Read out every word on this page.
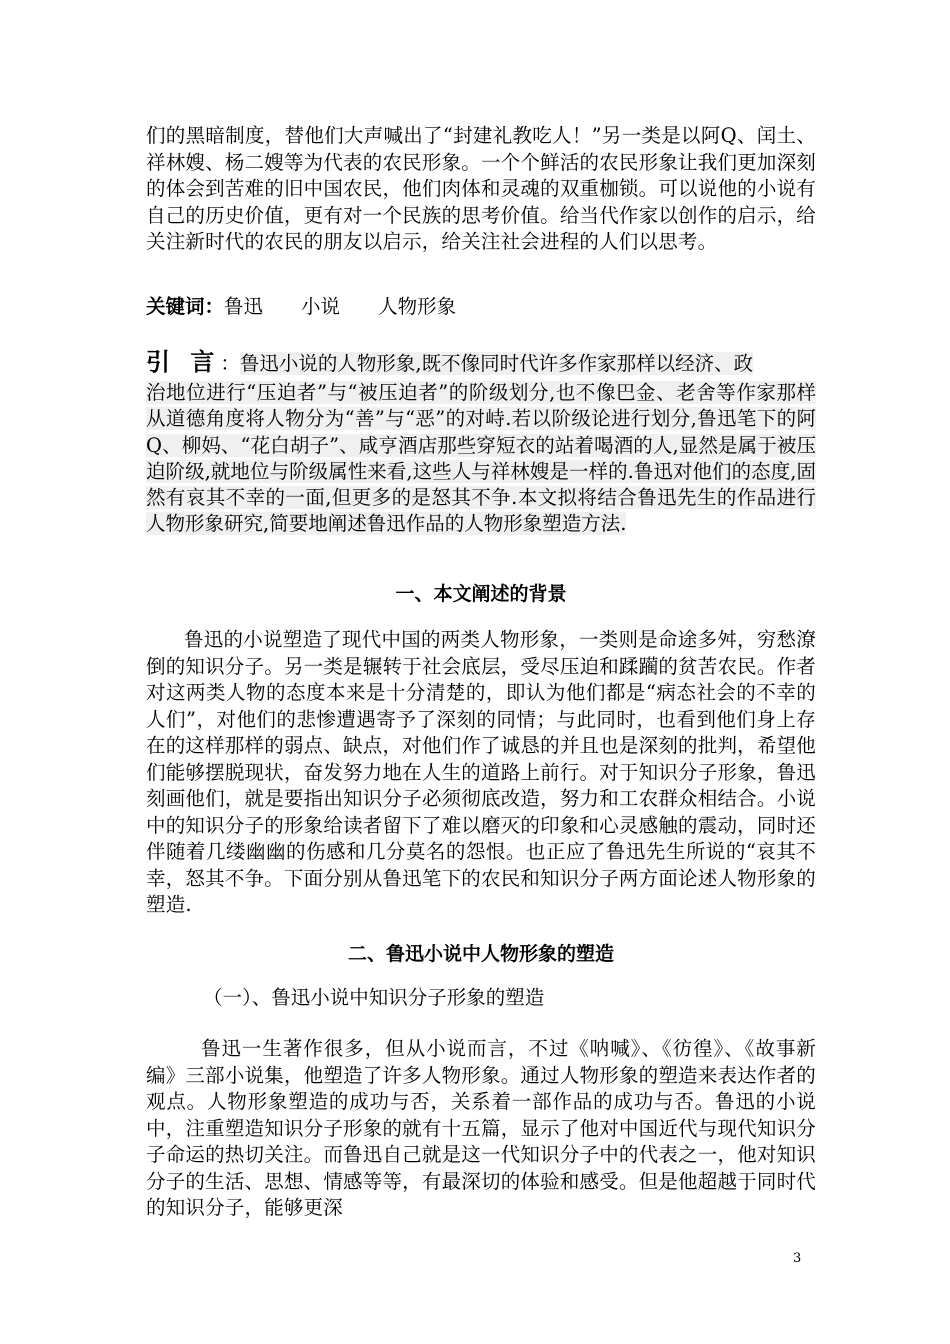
们的黑暗制度，替他们大声喊出了“封建礼教吃人！”另一类是以阿Q、闰土、祥林嫂、杨二嫂等为代表的农民形象。一个个鲜活的农民形象让我们更加深刻的体会到苦难的旧中国农民，他们肉体和灵魂的双重枷锁。可以说他的小说有自己的历史价值，更有对一个民族的思考价值。给当代作家以创作的启示，给关注新时代的农民的朋友以启示，给关注社会进程的人们以思考。

关键词：鲁迅 小说 人物形象
引 言：鲁迅小说的人物形象,既不像同时代许多作家那样以经济、政

治地位进行“压迫者”与“被压迫者”的阶级划分,也不像巴金、老舍等作家那样从道德角度将人物分为“善”与“恶”的对峙.若以阶级论进行划分,鲁迅笔下的阿Q、柳妈、“花白胡子”、咸亨酒店那些穿短衣的站着喝酒的人,显然是属于被压迫阶级,就地位与阶级属性来看,这些人与祥林嫂是一样的.鲁迅对他们的态度,固然有哀其不幸的一面,但更多的是怒其不争.本文拟将结合鲁迅先生的作品进行人物形象研究,简要地阐述鲁迅作品的人物形象塑造方法.

一、本文阐述的背景

鲁迅的小说塑造了现代中国的两类人物形象，一类则是命途多舛，穷愁潦倒的知识分子。另一类是辗转于社会底层，受尽压迫和蹂躏的贫苦农民。作者对这两类人物的态度本来是十分清楚的，即认为他们都是“病态社会的不幸的人们”，对他们的悲惨遭遇寄予了深刻的同情；与此同时，也看到他们身上存在的这样那样的弱点、缺点，对他们作了诚恳的并且也是深刻的批判，希望他们能够摆脱现状，奋发努力地在人生的道路上前行。对于知识分子形象，鲁迅刻画他们，就是要指出知识分子必须彻底改造，努力和工农群众相结合。小说中的知识分子的形象给读者留下了难以磨灭的印象和心灵感触的震动，同时还伴随着几缕幽幽的伤感和几分莫名的怨恨。也正应了鲁迅先生所说的“哀其不幸，怒其不争。下面分别从鲁迅笔下的农民和知识分子两方面论述人物形象的塑造.

二、鲁迅小说中人物形象的塑造
（一）、鲁迅小说中知识分子形象的塑造

鲁迅一生著作很多，但从小说而言，不过《呐喊》、《彷徨》、《故事新编》三部小说集，他塑造了许多人物形象。通过人物形象的塑造来表达作者的观点。人物形象塑造的成功与否，关系着一部作品的成功与否。鲁迅的小说中，注重塑造知识分子形象的就有十五篇，显示了他对中国近代与现代知识分子命运的热切关注。而鲁迅自己就是这一代知识分子中的代表之一，他对知识分子的生活、思想、情感等等，有最深切的体验和感受。但是他超越于同时代的知识分子，能够更深

3
